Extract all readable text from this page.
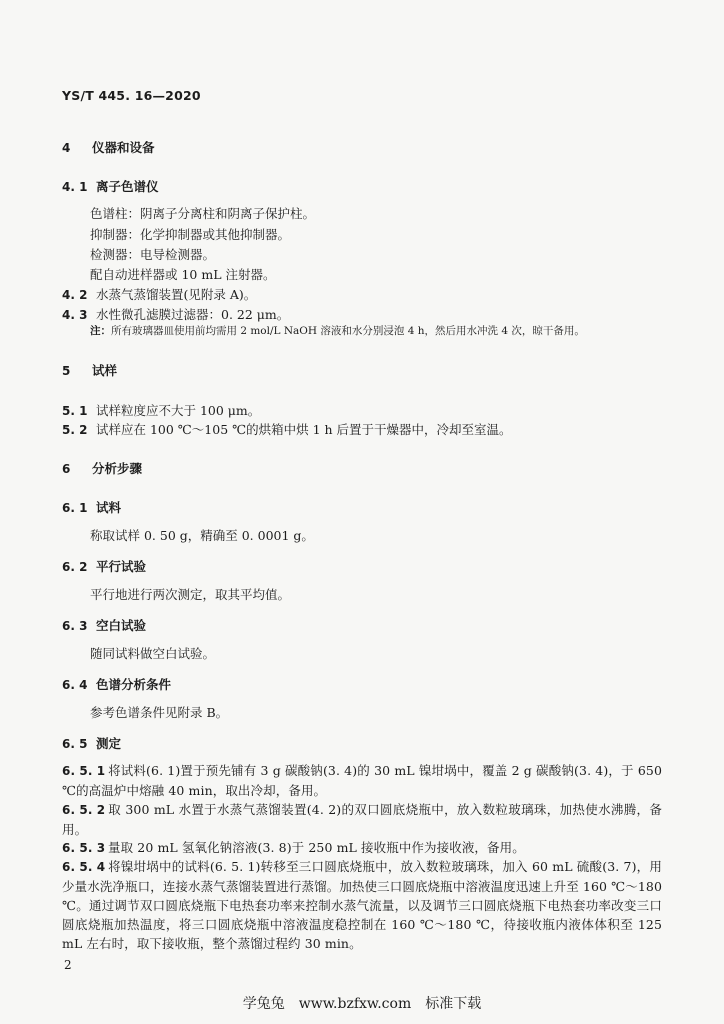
YS/T 445. 16—2020
4 仪器和设备
4. 1 离子色谱仪
色谱柱：阴离子分离柱和阴离子保护柱。
抑制器：化学抑制器或其他抑制器。
检测器：电导检测器。
配自动进样器或 10 mL 注射器。
4. 2 水蒸气蒸馏装置(见附录 A)。
4. 3 水性微孔滤膜过滤器：0. 22 μm。
注：所有玻璃器皿使用前均需用 2 mol/L NaOH 溶液和水分别浸泡 4 h，然后用水冲洗 4 次，晾干备用。
5 试样
5. 1 试样粒度应不大于 100 μm。
5. 2 试样应在 100 ℃～105 ℃的烘箱中烘 1 h 后置于干燥器中，冷却至室温。
6 分析步骤
6. 1 试料
称取试样 0. 50 g，精确至 0. 0001 g。
6. 2 平行试验
平行地进行两次测定，取其平均值。
6. 3 空白试验
随同试料做空白试验。
6. 4 色谱分析条件
参考色谱条件见附录 B。
6. 5 测定
6. 5. 1 将试料(6. 1)置于预先铺有 3 g 碳酸钠(3. 4)的 30 mL 镍坩埚中，覆盖 2 g 碳酸钠(3. 4)，于 650 ℃的高温炉中熔融 40 min，取出冷却，备用。
6. 5. 2 取 300 mL 水置于水蒸气蒸馏装置(4. 2)的双口圆底烧瓶中，放入数粒玻璃珠，加热使水沸腾，备用。
6. 5. 3 量取 20 mL 氢氧化钠溶液(3. 8)于 250 mL 接收瓶中作为接收液，备用。
6. 5. 4 将镍坩埚中的试料(6. 5. 1)转移至三口圆底烧瓶中，放入数粒玻璃珠，加入 60 mL 硫酸(3. 7)，用少量水洗净瓶口，连接水蒸气蒸馏装置进行蒸馏。加热使三口圆底烧瓶中溶液温度迅速上升至 160 ℃～180 ℃。通过调节双口圆底烧瓶下电热套功率来控制水蒸气流量，以及调节三口圆底烧瓶下电热套功率改变三口圆底烧瓶加热温度，将三口圆底烧瓶中溶液温度稳控制在 160 ℃～180 ℃，待接收瓶内液体体积至 125 mL 左右时，取下接收瓶，整个蒸馏过程约 30 min。
2
学兔兔　www.bzfxw.com　标准下载
